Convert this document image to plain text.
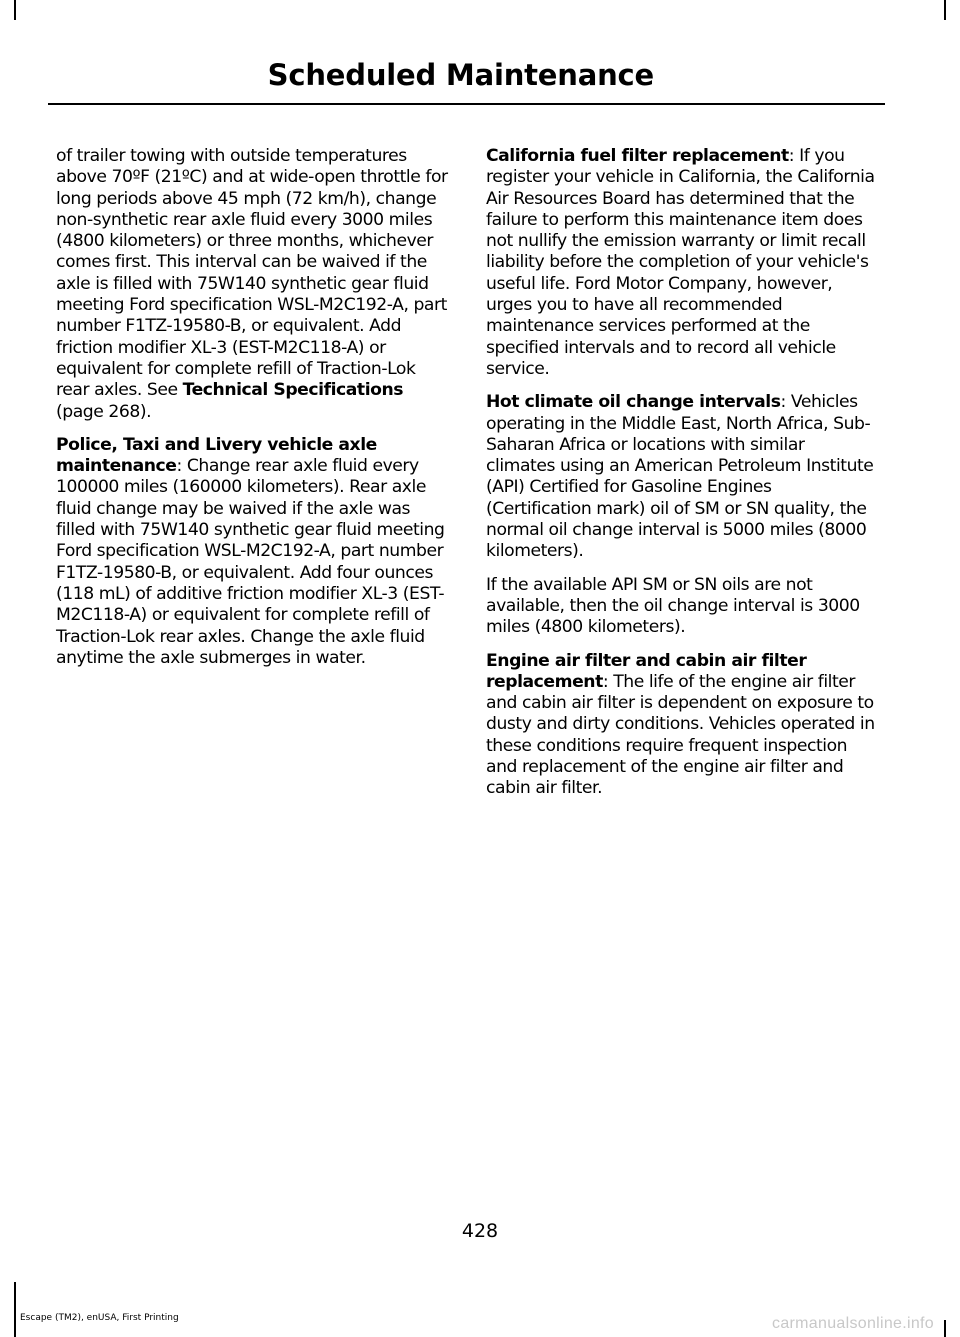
Scheduled Maintenance

of trailer towing with outside temperatures above 70ºF (21ºC) and at wide-open throttle for long periods above 45 mph (72 km/h), change non-synthetic rear axle fluid every 3000 miles (4800 kilometers) or three months, whichever comes first. This interval can be waived if the axle is filled with 75W140 synthetic gear fluid meeting Ford specification WSL-M2C192-A, part number F1TZ-19580-B, or equivalent. Add friction modifier XL-3 (EST-M2C118-A) or equivalent for complete refill of Traction-Lok rear axles. See Technical Specifications (page 268).

Police, Taxi and Livery vehicle axle maintenance: Change rear axle fluid every 100000 miles (160000 kilometers). Rear axle fluid change may be waived if the axle was filled with 75W140 synthetic gear fluid meeting Ford specification WSL-M2C192-A, part number F1TZ-19580-B, or equivalent. Add four ounces (118 mL) of additive friction modifier XL-3 (EST-M2C118-A) or equivalent for complete refill of Traction-Lok rear axles. Change the axle fluid anytime the axle submerges in water.

California fuel filter replacement: If you register your vehicle in California, the California Air Resources Board has determined that the failure to perform this maintenance item does not nullify the emission warranty or limit recall liability before the completion of your vehicle's useful life. Ford Motor Company, however, urges you to have all recommended maintenance services performed at the specified intervals and to record all vehicle service.

Hot climate oil change intervals: Vehicles operating in the Middle East, North Africa, Sub-Saharan Africa or locations with similar climates using an American Petroleum Institute (API) Certified for Gasoline Engines (Certification mark) oil of SM or SN quality, the normal oil change interval is 5000 miles (8000 kilometers).

If the available API SM or SN oils are not available, then the oil change interval is 3000 miles (4800 kilometers).

Engine air filter and cabin air filter replacement: The life of the engine air filter and cabin air filter is dependent on exposure to dusty and dirty conditions. Vehicles operated in these conditions require frequent inspection and replacement of the engine air filter and cabin air filter.

428
Escape (TM2), enUSA, First Printing	carmanualsonline.info
